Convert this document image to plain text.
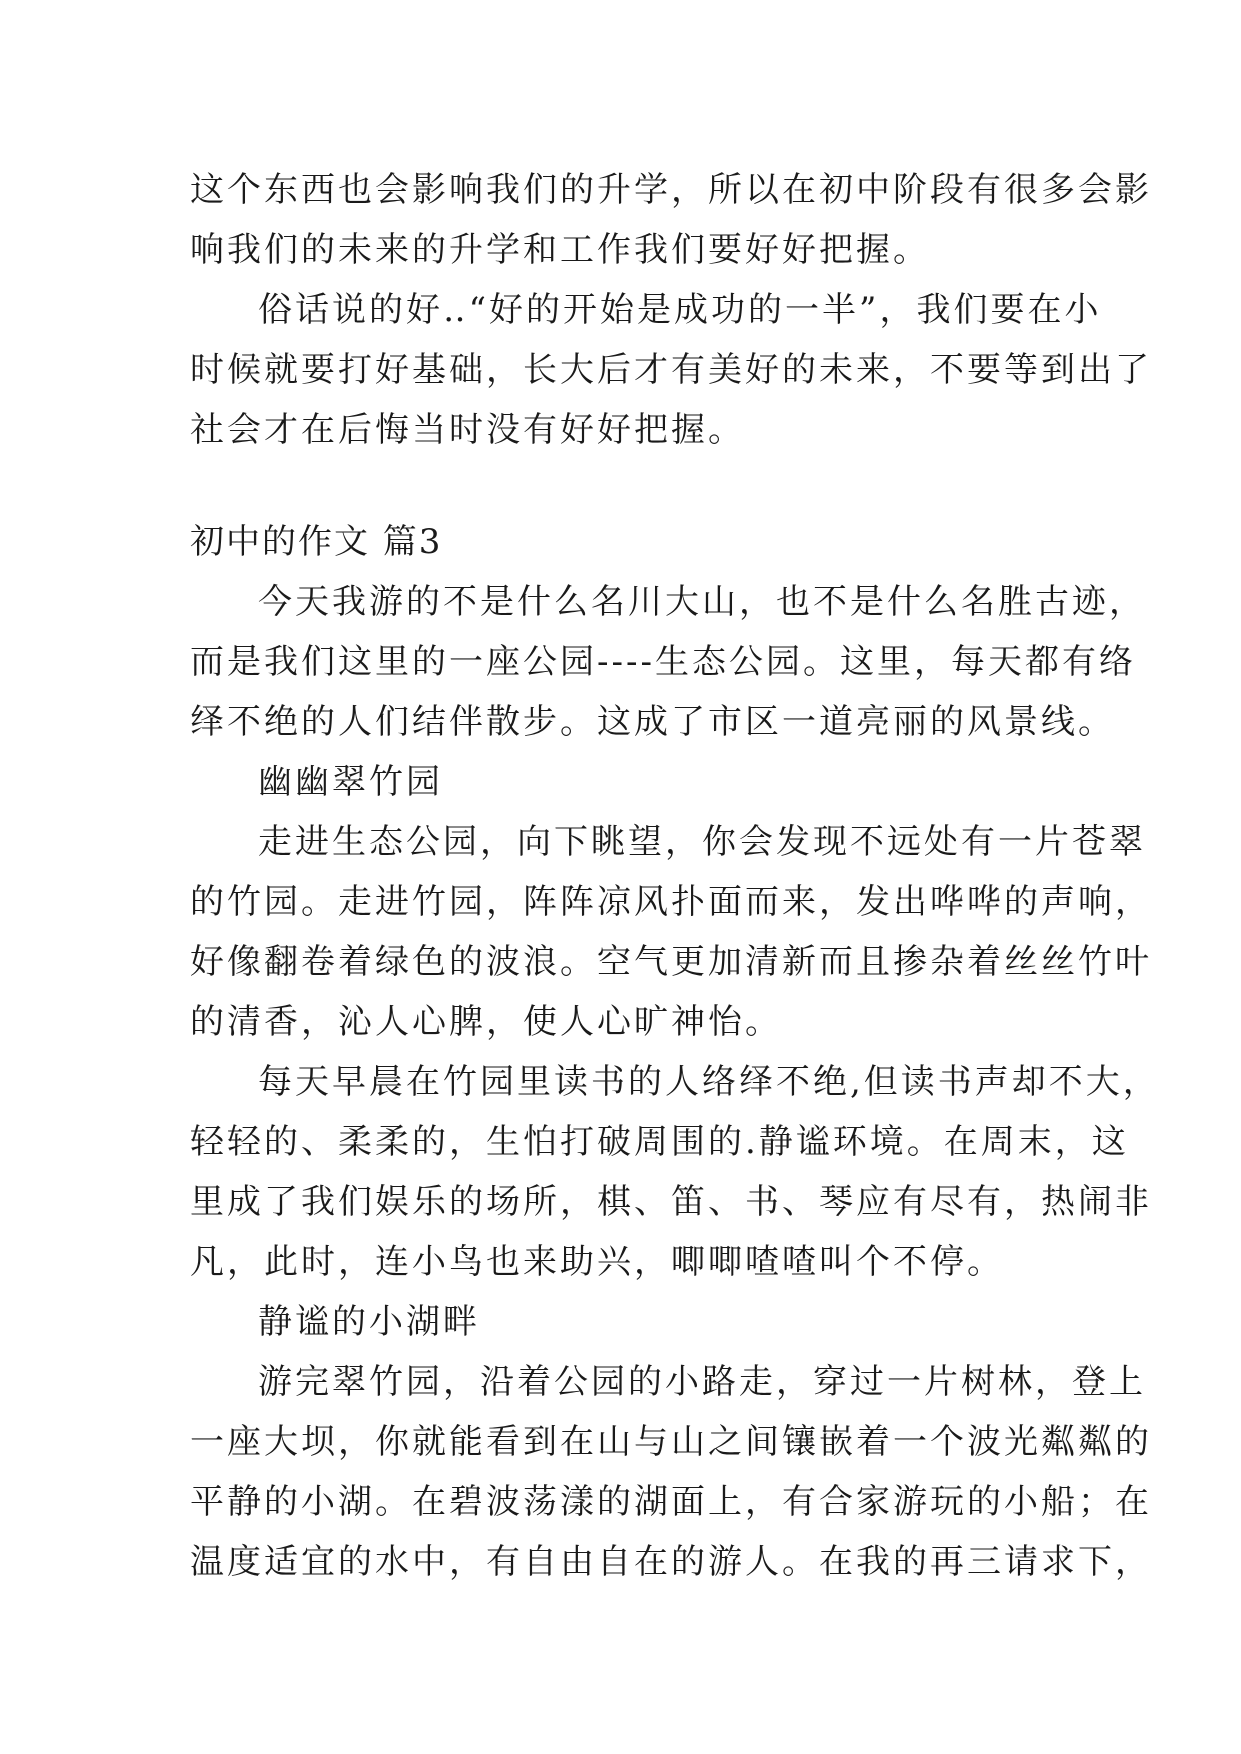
这个东西也会影响我们的升学，所以在初中阶段有很多会影
响我们的未来的升学和工作我们要好好把握。
俗话说的好‥“好的开始是成功的一半”，我们要在小
时候就要打好基础，长大后才有美好的未来，不要等到出了
社会才在后悔当时没有好好把握。
初中的作文 篇3
今天我游的不是什么名川大山，也不是什么名胜古迹，
而是我们这里的一座公园----生态公园。这里，每天都有络
绎不绝的人们结伴散步。这成了市区一道亮丽的风景线。
幽幽翠竹园
走进生态公园，向下眺望，你会发现不远处有一片苍翠
的竹园。走进竹园，阵阵凉风扑面而来，发出哗哗的声响，
好像翻卷着绿色的波浪。空气更加清新而且掺杂着丝丝竹叶
的清香，沁人心脾，使人心旷神怡。
每天早晨在竹园里读书的人络绎不绝,但读书声却不大，
轻轻的、柔柔的，生怕打破周围的.静谧环境。在周末，这
里成了我们娱乐的场所，棋、笛、书、琴应有尽有，热闹非
凡，此时，连小鸟也来助兴，唧唧喳喳叫个不停。
静谧的小湖畔
游完翠竹园，沿着公园的小路走，穿过一片树林，登上
一座大坝，你就能看到在山与山之间镶嵌着一个波光粼粼的
平静的小湖。在碧波荡漾的湖面上，有合家游玩的小船；在
温度适宜的水中，有自由自在的游人。在我的再三请求下，
